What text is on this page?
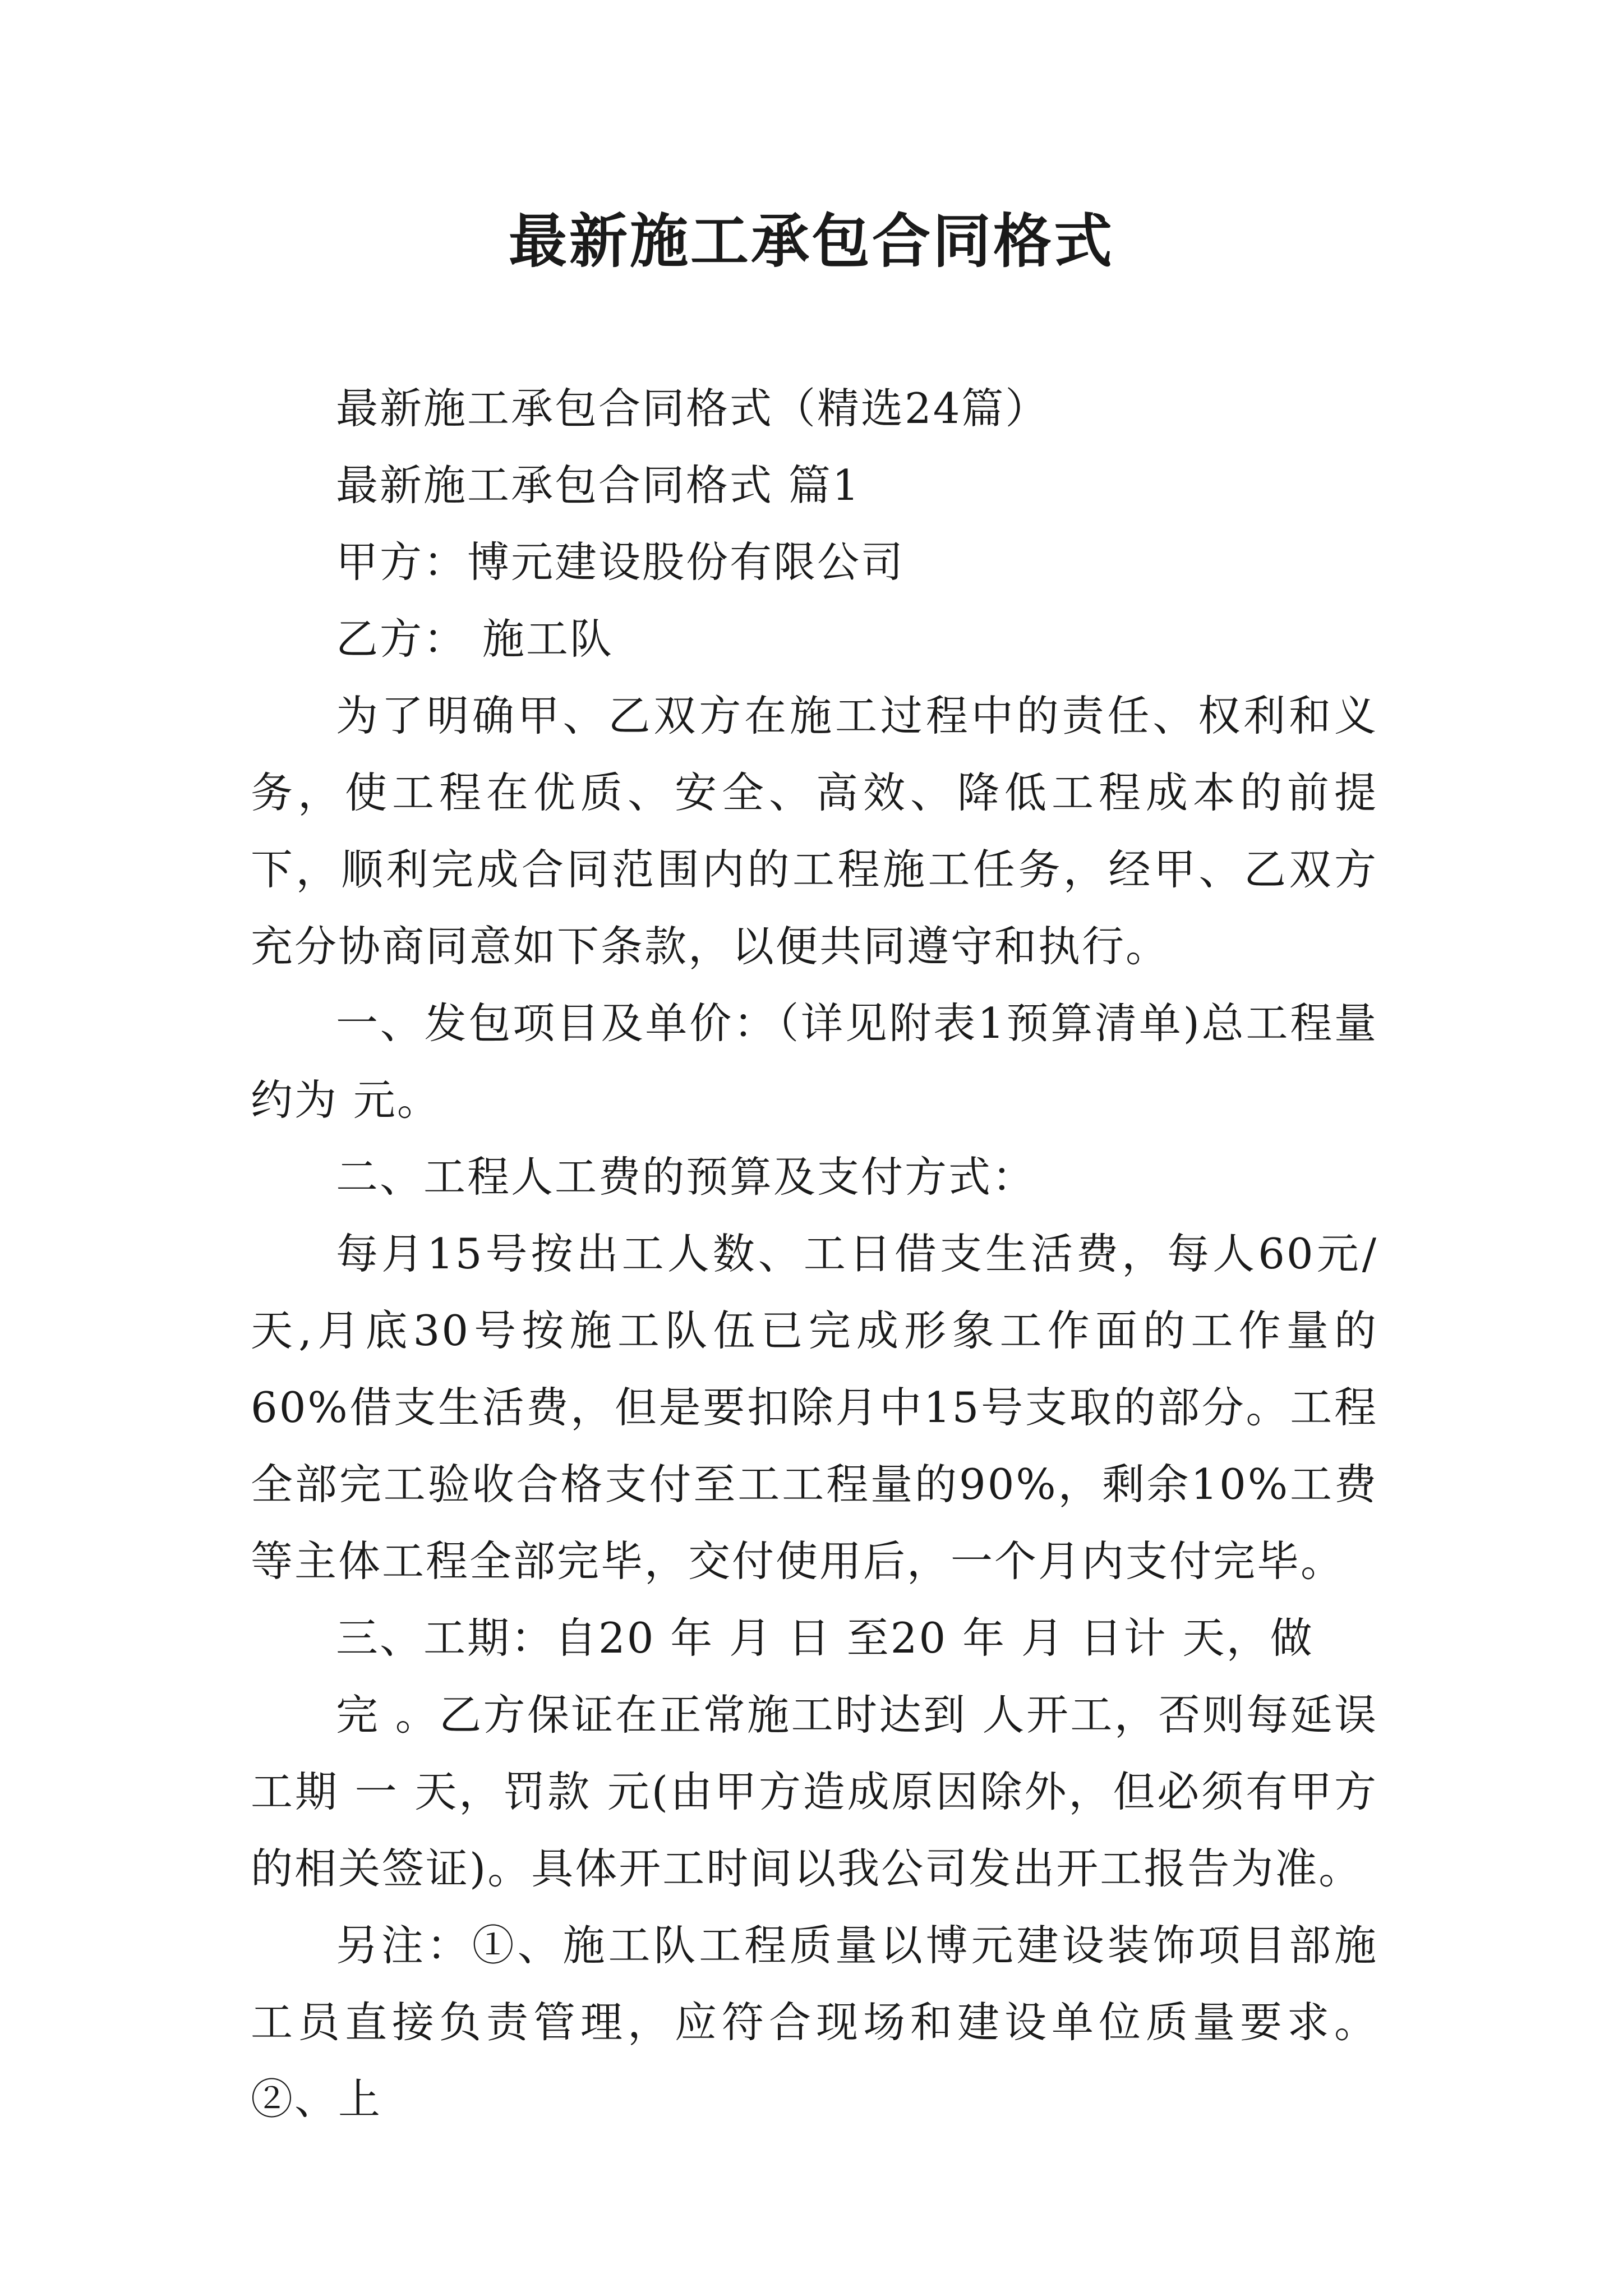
最新施工承包合同格式

最新施工承包合同格式（精选24篇）

最新施工承包合同格式 篇1

甲方：博元建设股份有限公司

乙方： 施工队

为了明确甲、乙双方在施工过程中的责任、权利和义务，使工程在优质、安全、高效、降低工程成本的前提下，顺利完成合同范围内的工程施工任务，经甲、乙双方充分协商同意如下条款，以便共同遵守和执行。

一、发包项目及单价：（详见附表1预算清单)总工程量约为 元。

二、工程人工费的预算及支付方式：

每月15号按出工人数、工日借支生活费，每人60元/天,月底30号按施工队伍已完成形象工作面的工作量的60%借支生活费，但是要扣除月中15号支取的部分。工程全部完工验收合格支付至工工程量的90%，剩余10%工费等主体工程全部完毕，交付使用后，一个月内支付完毕。

三、工期：自20 年 月 日 至20 年 月 日计 天，做

完 。乙方保证在正常施工时达到 人开工，否则每延误工期 一 天，罚款 元(由甲方造成原因除外，但必须有甲方的相关签证)。具体开工时间以我公司发出开工报告为准。

另注：①、施工队工程质量以博元建设装饰项目部施工员直接负责管理，应符合现场和建设单位质量要求。②、上
